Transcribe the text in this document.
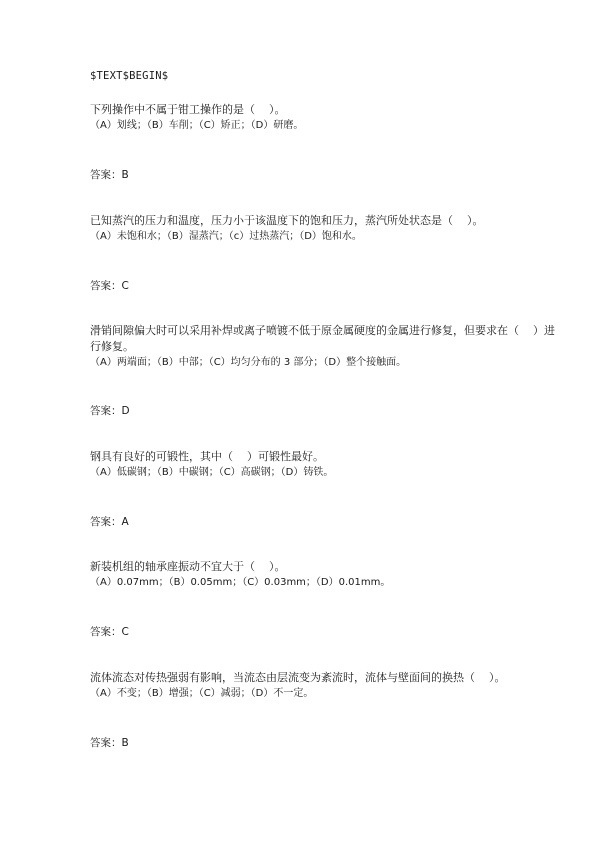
$TEXT$BEGIN$
下列操作中不属于钳工操作的是（    ）。
（A）划线；（B）车削；（C）矫正；（D）研磨。
答案：B
已知蒸汽的压力和温度，压力小于该温度下的饱和压力，蒸汽所处状态是（    ）。
（A）未饱和水；（B）湿蒸汽；（c）过热蒸汽；（D）饱和水。
答案：C
滑销间隙偏大时可以采用补焊或离子喷镀不低于原金属硬度的金属进行修复，但要求在（    ）进行修复。
（A）两端面；（B）中部；（C）均匀分布的 3 部分；（D）整个接触面。
答案：D
钢具有良好的可锻性，其中（    ）可锻性最好。
（A）低碳钢；（B）中碳钢；（C）高碳钢；（D）铸铁。
答案：A
新装机组的轴承座振动不宜大于（    ）。
（A）0.07mm；（B）0.05mm；（C）0.03mm；（D）0.01mm。
答案：C
流体流态对传热强弱有影响，当流态由层流变为紊流时，流体与壁面间的换热（    ）。
（A）不变；（B）增强；（C）减弱；（D）不一定。
答案：B
